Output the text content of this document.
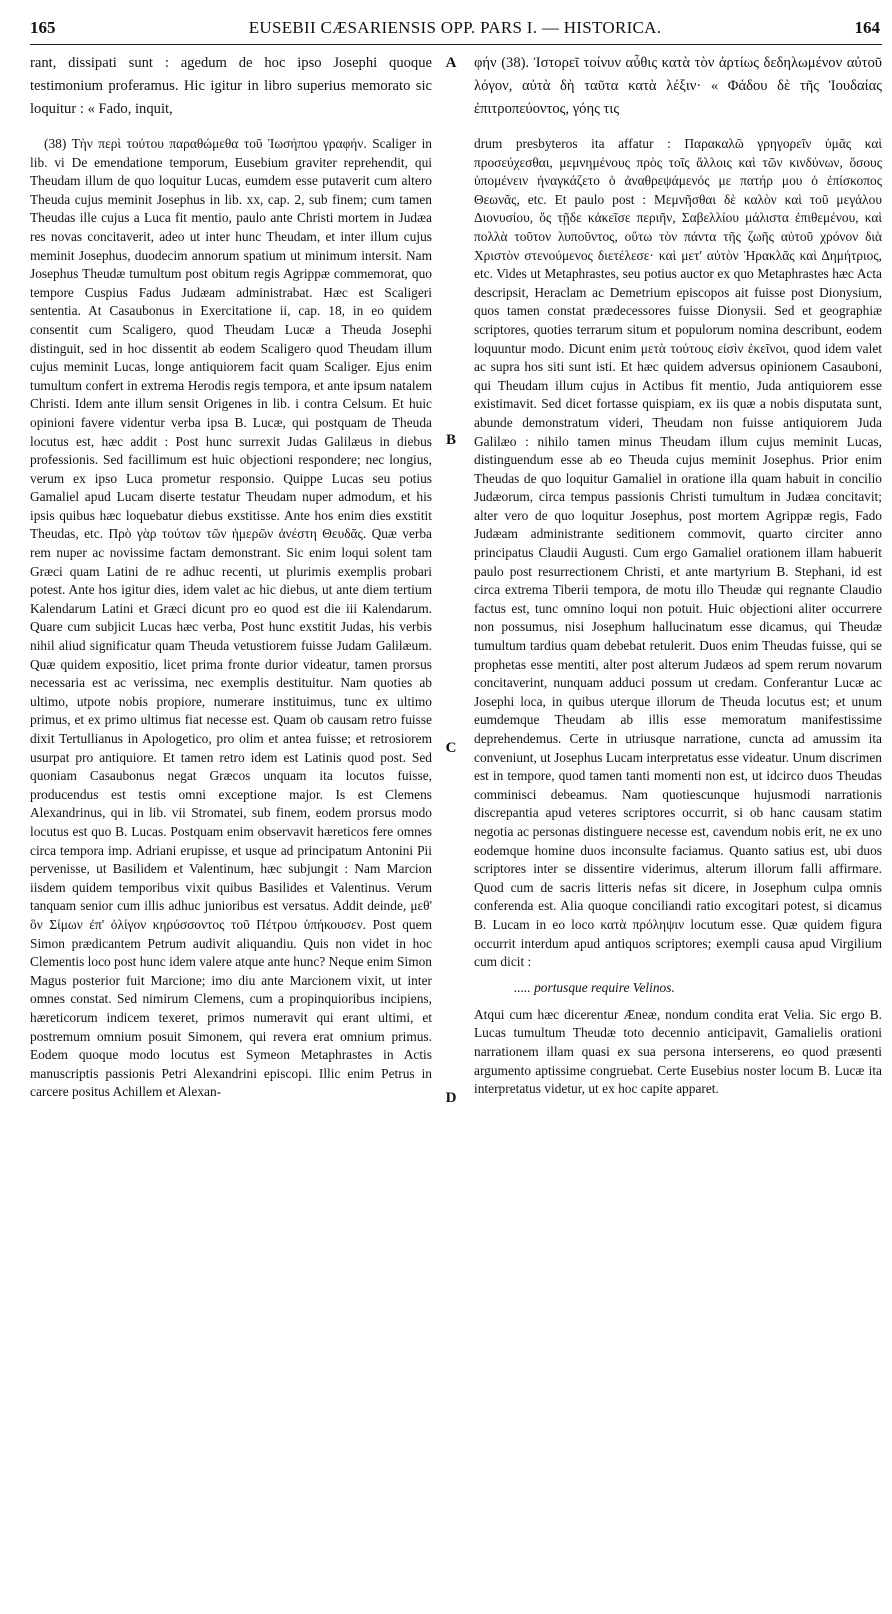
165	EUSEBII CÆSARIENSIS OPP. PARS I. — HISTORICA.	164
A
B
C
D

rant, dissipati sunt : agedum de hoc ipso Josephi quoque testimonium proferamus. Hic igitur in libro superius memorato sic loquitur : « Fado, inquit,

(38) Τὴν περὶ τούτου παραθώμεθα τοῦ Ἰωσήπου γραφήν. Scaliger in lib. vi De emendatione temporum, Eusebium graviter reprehendit, qui Theudam illum de quo loquitur Lucas, eumdem esse putaverit cum altero Theuda cujus meminit Josephus in lib. xx, cap. 2, sub finem; cum tamen Theudas ille cujus a Luca fit mentio, paulo ante Christi mortem in Judæa res novas concitaverit, adeo ut inter hunc Theudam, et inter illum cujus meminit Josephus, duodecim annorum spatium ut minimum intersit. Nam Josephus Theudæ tumultum post obitum regis Agrippæ commemorat, quo tempore Cuspius Fadus Judæam administrabat. Hæc est Scaligeri sententia. At Casaubonus in Exercitatione ii, cap. 18, in eo quidem consentit cum Scaligero, quod Theudam Lucæ a Theuda Josephi distinguit, sed in hoc dissentit ab eodem Scaligero quod Theudam illum cujus meminit Lucas, longe antiquiorem facit quam Scaliger. Ejus enim tumultum confert in extrema Herodis regis tempora, et ante ipsum natalem Christi. Idem ante illum sensit Origenes in lib. i contra Celsum. Et huic opinioni favere videntur verba ipsa B. Lucæ, qui postquam de Theuda locutus est, hæc addit : Post hunc surrexit Judas Galilæus in diebus professionis. Sed facillimum est huic objectioni respondere; nec longius, verum ex ipso Luca prometur responsio. Quippe Lucas seu potius Gamaliel apud Lucam diserte testatur Theudam nuper admodum, et his ipsis quibus hæc loquebatur diebus exstitisse. Ante hos enim dies exstitit Theudas, etc. Πρὸ γὰρ τούτων τῶν ἡμερῶν ἀνέστη Θευδᾶς. Quæ verba rem nuper ac novissime factam demonstrant. Sic enim loqui solent tam Græci quam Latini de re adhuc recenti, ut plurimis exemplis probari potest. Ante hos igitur dies, idem valet ac hic diebus, ut ante diem tertium Kalendarum Latini et Græci dicunt pro eo quod est die iii Kalendarum. Quare cum subjicit Lucas hæc verba, Post hunc exstitit Judas, his verbis nihil aliud significatur quam Theuda vetustiorem fuisse Judam Galilæum. Quæ quidem expositio, licet prima fronte durior videatur, tamen prorsus necessaria est ac verissima, nec exemplis destituitur. Nam quoties ab ultimo, utpote nobis propiore, numerare instituimus, tunc ex ultimo primus, et ex primo ultimus fiat necesse est. Quam ob causam retro fuisse dixit Tertullianus in Apologetico, pro olim et antea fuisse; et retrosiorem usurpat pro antiquiore. Et tamen retro idem est Latinis quod post. Sed quoniam Casaubonus negat Græcos unquam ita locutos fuisse, producendus est testis omni exceptione major. Is est Clemens Alexandrinus, qui in lib. vii Stromatei, sub finem, eodem prorsus modo locutus est quo B. Lucas. Postquam enim observavit hæreticos fere omnes circa tempora imp. Adriani erupisse, et usque ad principatum Antonini Pii pervenisse, ut Basilidem et Valentinum, hæc subjungit : Nam Marcion iisdem quidem temporibus vixit quibus Basilides et Valentinus. Verum tanquam senior cum illis adhuc junioribus est versatus. Addit deinde, μεθ' ὃν Σίμων ἐπ' ὀλίγον κηρύσσοντος τοῦ Πέτρου ὑπήκουσεν. Post quem Simon prædicantem Petrum audivit aliquandiu. Quis non videt in hoc Clementis loco post hunc idem valere atque ante hunc? Neque enim Simon Magus posterior fuit Marcione; imo diu ante Marcionem vixit, ut inter omnes constat. Sed nimirum Clemens, cum a propinquioribus incipiens, hæreticorum indicem texeret, primos numeravit qui erant ultimi, et postremum omnium posuit Simonem, qui revera erat omnium primus. Eodem quoque modo locutus est Symeon Metaphrastes in Actis manuscriptis passionis Petri Alexandrini episcopi. Illic enim Petrus in carcere positus Achillem et Alexan-

φήν (38). Ἱστορεῖ τοίνυν αὖθις κατὰ τὸν ἀρτίως δεδηλωμένον αὐτοῦ λόγον, αὐτὰ δὴ ταῦτα κατὰ λέξιν· « Φάδου δὲ τῆς Ἰουδαίας ἐπιτροπεύοντος, γόης τις

drum presbyteros ita affatur : Παρακαλῶ γρηγορεῖν ὑμᾶς καὶ προσεύχεσθαι, μεμνημένους πρὸς τοῖς ἄλλοις καὶ τῶν κινδύνων, ὅσους ὑπομένειν ἠναγκάζετο ὁ ἀναθρεψάμενός με πατήρ μου ὁ ἐπίσκοπος Θεωνᾶς, etc. Et paulo post : Μεμνῆσθαι δὲ καλὸν καὶ τοῦ μεγάλου Διονυσίου, ὅς τῇδε κἀκεῖσε περιῆν, Σαβελλίου μάλιστα ἐπιθεμένου, καὶ πολλὰ τοῦτον λυποῦντος, οὕτω τὸν πάντα τῆς ζωῆς αὐτοῦ χρόνον διὰ Χριστὸν στενούμενος διετέλεσε· καὶ μετ' αὐτὸν Ἡρακλᾶς καὶ Δημήτριος, etc. Vides ut Metaphrastes, seu potius auctor ex quo Metaphrastes hæc Acta descripsit, Heraclam ac Demetrium episcopos ait fuisse post Dionysium, quos tamen constat prædecessores fuisse Dionysii. Sed et geographiæ scriptores, quoties terrarum situm et populorum nomina describunt, eodem loquuntur modo. Dicunt enim μετὰ τούτους εἰσὶν ἐκεῖνοι, quod idem valet ac supra hos siti sunt isti. Et hæc quidem adversus opinionem Casauboni, qui Theudam illum cujus in Actibus fit mentio, Juda antiquiorem esse existimavit. Sed dicet fortasse quispiam, ex iis quæ a nobis disputata sunt, abunde demonstratum videri, Theudam non fuisse antiquiorem Juda Galilæo : nihilo tamen minus Theudam illum cujus meminit Lucas, distinguendum esse ab eo Theuda cujus meminit Josephus. Prior enim Theudas de quo loquitur Gamaliel in oratione illa quam habuit in concilio Judæorum, circa tempus passionis Christi tumultum in Judæa concitavit; alter vero de quo loquitur Josephus, post mortem Agrippæ regis, Fado Judæam administrante seditionem commovit, quarto circiter anno principatus Claudii Augusti. Cum ergo Gamaliel orationem illam habuerit paulo post resurrectionem Christi, et ante martyrium B. Stephani, id est circa extrema Tiberii tempora, de motu illo Theudæ qui regnante Claudio factus est, tunc omnino loqui non potuit. Huic objectioni aliter occurrere non possumus, nisi Josephum hallucinatum esse dicamus, qui Theudæ tumultum tardius quam debebat retulerit. Duos enim Theudas fuisse, qui se prophetas esse mentiti, alter post alterum Judæos ad spem rerum novarum concitaverint, nunquam adduci possum ut credam. Conferantur Lucæ ac Josephi loca, in quibus uterque illorum de Theuda locutus est; et unum eumdemque Theudam ab illis esse memoratum manifestissime deprehendemus. Certe in utriusque narratione, cuncta ad amussim ita conveniunt, ut Josephus Lucam interpretatus esse videatur. Unum discrimen est in tempore, quod tamen tanti momenti non est, ut idcirco duos Theudas comminisci debeamus. Nam quotiescunque hujusmodi narrationis discrepantia apud veteres scriptores occurrit, si ob hanc causam statim negotia ac personas distinguere necesse est, cavendum nobis erit, ne ex uno eodemque homine duos inconsulte faciamus. Quanto satius est, ubi duos scriptores inter se dissentire viderimus, alterum illorum falli affirmare. Quod cum de sacris litteris nefas sit dicere, in Josephum culpa omnis conferenda est. Alia quoque conciliandi ratio excogitari potest, si dicamus B. Lucam in eo loco κατὰ πρόληψιν locutum esse. Quæ quidem figura occurrit interdum apud antiquos scriptores; exempli causa apud Virgilium cum dicit :

..... portusque require Velinos.

Atqui cum hæc dicerentur Æneæ, nondum condita erat Velia. Sic ergo B. Lucas tumultum Theudæ toto decennio anticipavit, Gamalielis orationi narrationem illam quasi ex sua persona interserens, eo quod præsenti argumento aptissime congruebat. Certe Eusebius noster locum B. Lucæ ita interpretatus videtur, ut ex hoc capite apparet.
